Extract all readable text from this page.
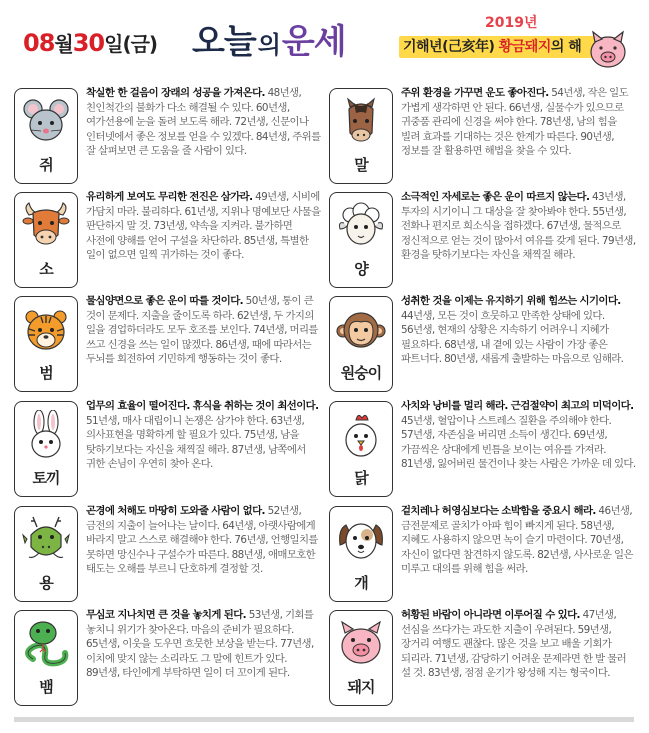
08월30일(금) 오늘의운세	2019년
기해년(己亥年) 황금돼지의 해
쥐
착실한 한 걸음이 장래의 성공을 가져온다. 48년생, 친인척간의 불화가 다소 해결될 수 있다. 60년생, 여가선용에 눈을 돌려 보도록 해라. 72년생, 신문이나 인터넷에서 좋은 정보를 얻을 수 있겠다. 84년생, 주위를 잘 살펴보면 큰 도움을 줄 사람이 있다.
말
주위 환경을 가꾸면 운도 좋아진다. 54년생, 작은 일도 가볍게 생각하면 안 된다. 66년생, 실물수가 있으므로 귀중품 관리에 신경을 써야 한다. 78년생, 남의 힘을 빌려 효과를 기대하는 것은 한계가 따른다. 90년생, 정보를 잘 활용하면 해법을 찾을 수 있다.
소
유리하게 보여도 무리한 전진은 삼가라. 49년생, 시비에 가담치 마라. 불리하다. 61년생, 지위나 명예보단 사물을 판단하지 말 것. 73년생, 약속을 지켜라. 불가하면 사전에 양해를 얻어 구설을 차단하라. 85년생, 특별한 일이 없으면 일찍 귀가하는 것이 좋다.
양
소극적인 자세로는 좋은 운이 따르지 않는다. 43년생, 투자의 시기이니 그 대상을 잘 찾아봐야 한다. 55년생, 전화나 편지로 희소식을 접하겠다. 67년생, 물적으로 정신적으로 얻는 것이 많아서 여유를 갖게 된다. 79년생, 환경을 탓하기보다는 자신을 채찍질 해라.
범
물심양면으로 좋은 운이 따를 것이다. 50년생, 통이 큰 것이 문제다. 지출을 줄이도록 하라. 62년생, 두 가지의 일을 겸업하더라도 모두 호조를 보인다. 74년생, 머리를 쓰고 신경을 쓰는 일이 많겠다. 86년생, 때에 따라서는 두뇌를 회전하여 기민하게 행동하는 것이 좋다.
원숭이
성취한 것을 이제는 유지하기 위해 힘쓰는 시기이다. 44년생, 모든 것이 흐뭇하고 만족한 상태에 있다. 56년생, 현재의 상황은 지속하기 어려우니 지혜가 필요하다. 68년생, 내 곁에 있는 사람이 가장 좋은 파트너다. 80년생, 새롭게 출발하는 마음으로 임해라.
토끼
업무의 효율이 떨어진다. 휴식을 취하는 것이 최선이다. 51년생, 매사 대립이니 논쟁은 삼가야 한다. 63년생, 의사표현을 명확하게 할 필요가 있다. 75년생, 남을 탓하기보다는 자신을 채찍질 해라. 87년생, 남쪽에서 귀한 손님이 우연히 찾아 온다.
닭
사치와 낭비를 멀리 해라. 근검절약이 최고의 미덕이다. 45년생, 혈압이나 스트레스 질환을 주의해야 한다. 57년생, 자존심을 버리면 소득이 생긴다. 69년생, 가끔씩은 상대에게 빈틈을 보이는 여유를 가져라. 81년생, 잃어버린 물건이나 찾는 사람은 가까운 데 있다.
용
곤경에 처해도 마땅히 도와줄 사람이 없다. 52년생, 금전의 지출이 늘어나는 날이다. 64년생, 아랫사람에게 바라지 말고 스스로 해결해야 한다. 76년생, 언행일치를 못하면 망신수나 구설수가 따른다. 88년생, 애매모호한 태도는 오해를 부르니 단호하게 결정할 것.
개
겉치레나 허영심보다는 소박함을 중요시 해라. 46년생, 금전문제로 골치가 아파 힘이 빠지게 된다. 58년생, 지혜도 사용하지 않으면 녹이 슬기 마련이다. 70년생, 자신이 없다면 참견하지 않도록. 82년생, 사사로운 일은 미루고 대의를 위해 힘을 써라.
뱀
무심코 지나치면 큰 것을 놓치게 된다. 53년생, 기회를 놓치니 위기가 찾아온다. 마음의 준비가 필요하다. 65년생, 이웃을 도우면 흐뭇한 보상을 받는다. 77년생, 이치에 맞지 않는 소리라도 그 말에 힌트가 있다. 89년생, 타인에게 부탁하면 일이 더 꼬이게 된다.
돼지
허황된 바람이 아니라면 이루어질 수 있다. 47년생, 선심을 쓰다가는 과도한 지출이 우려된다. 59년생, 장거리 여행도 괜찮다. 많은 것을 보고 배울 기회가 되리라. 71년생, 감당하기 어려운 문제라면 한 발 물러 설 것. 83년생, 점점 운기가 왕성해 지는 형국이다.
